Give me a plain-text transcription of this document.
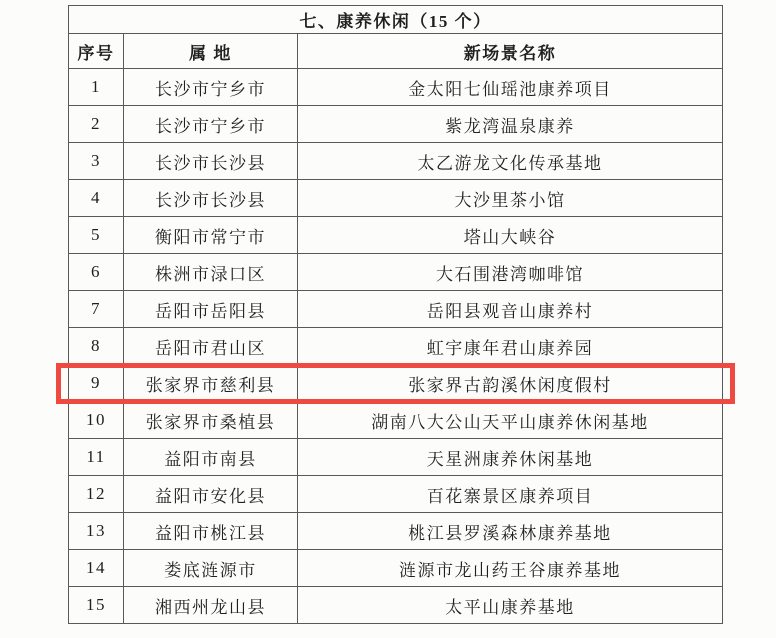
七、康养休闲（15 个）		
序号	属 地	新场景名称
1	长沙市宁乡市	金太阳七仙瑶池康养项目
2	长沙市宁乡市	紫龙湾温泉康养
3	长沙市长沙县	太乙游龙文化传承基地
4	长沙市长沙县	大沙里茶小馆
5	衡阳市常宁市	塔山大峡谷
6	株洲市渌口区	大石围港湾咖啡馆
7	岳阳市岳阳县	岳阳县观音山康养村
8	岳阳市君山区	虹宇康年君山康养园
9	张家界市慈利县	张家界古韵溪休闲度假村
10	张家界市桑植县	湖南八大公山天平山康养休闲基地
11	益阳市南县	天星洲康养休闲基地
12	益阳市安化县	百花寨景区康养项目
13	益阳市桃江县	桃江县罗溪森林康养基地
14	娄底涟源市	涟源市龙山药王谷康养基地
15	湘西州龙山县	太平山康养基地
